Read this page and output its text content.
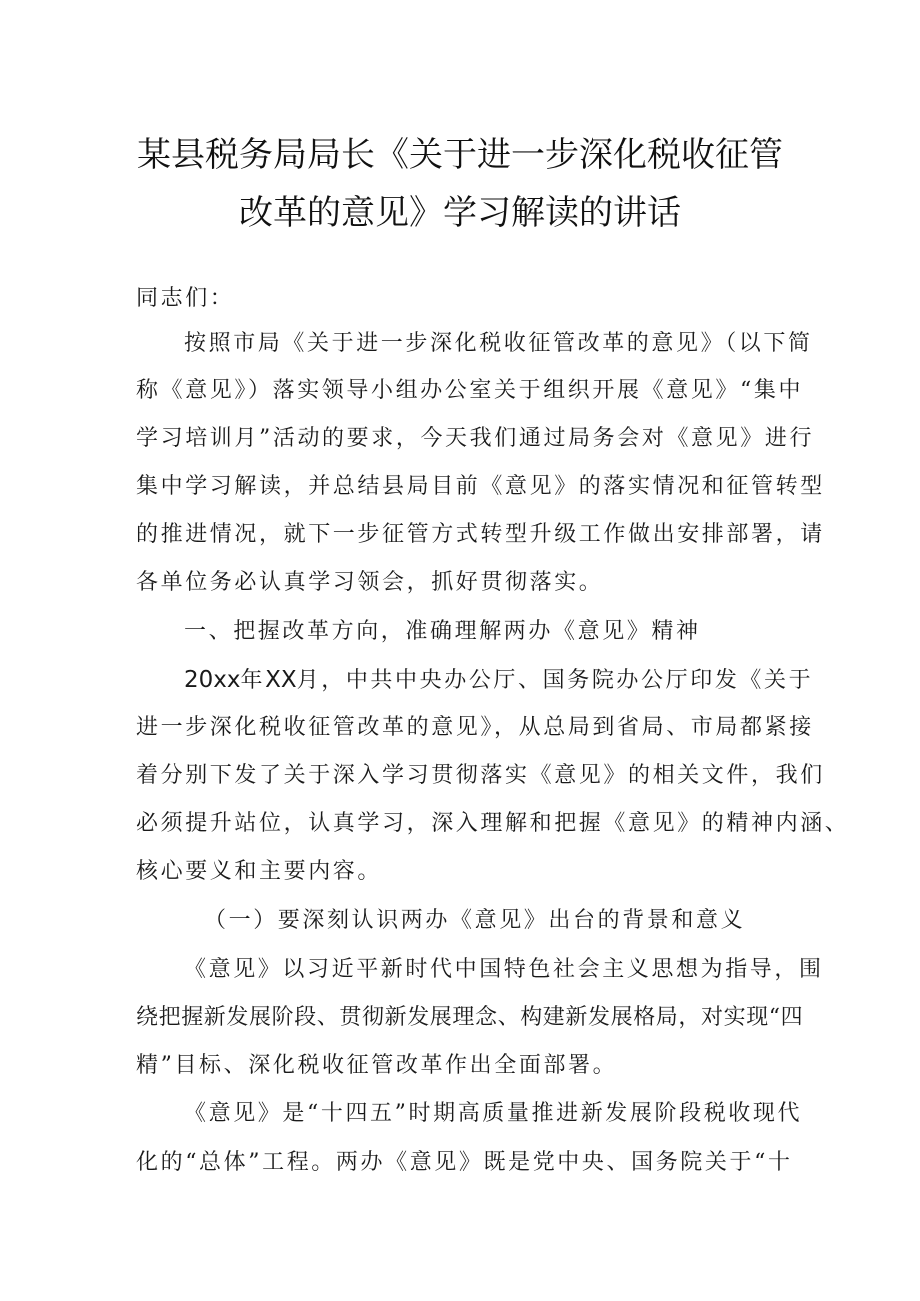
某县税务局局长《关于进一步深化税收征管
改革的意见》学习解读的讲话
同志们：
按照市局《关于进一步深化税收征管改革的意见》（以下简
称《意见》）落实领导小组办公室关于组织开展《意见》“集中
学习培训月”活动的要求，今天我们通过局务会对《意见》进行
集中学习解读，并总结县局目前《意见》的落实情况和征管转型
的推进情况，就下一步征管方式转型升级工作做出安排部署，请
各单位务必认真学习领会，抓好贯彻落实。
一、把握改革方向，准确理解两办《意见》精神
20xx年XX月，中共中央办公厅、国务院办公厅印发《关于
进一步深化税收征管改革的意见》，从总局到省局、市局都紧接
着分别下发了关于深入学习贯彻落实《意见》的相关文件，我们
必须提升站位，认真学习，深入理解和把握《意见》的精神内涵、
核心要义和主要内容。
（一）要深刻认识两办《意见》出台的背景和意义
《意见》以习近平新时代中国特色社会主义思想为指导，围
绕把握新发展阶段、贯彻新发展理念、构建新发展格局，对实现“四
精”目标、深化税收征管改革作出全面部署。
《意见》是“十四五”时期高质量推进新发展阶段税收现代
化的“总体”工程。两办《意见》既是党中央、国务院关于“十
